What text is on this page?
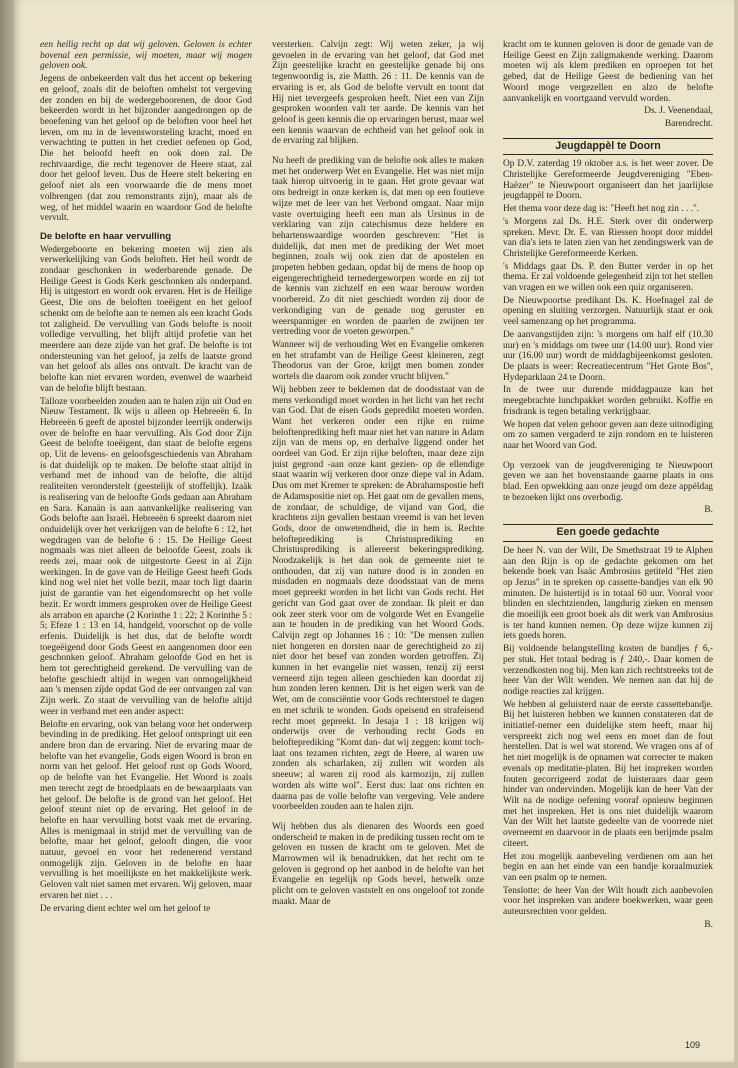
een heilig recht op dat wij geloven. Geloven is echter bovenal een permissie, wij moeten, maar wij mogen geloven ook.

Jegens de onbekeerden valt dus het accent op bekering en geloof, zoals dit de beloften omhelst tot vergeving der zonden en bij de wedergeboorenen, de door God bekeerden wordt in het bijzonder aangedrongen op de beoefening van het geloof op de beloften voor heel het leven, om nu in de levensworsteling kracht, moed en verwachting te putten in het crediet oefenen op God, Die het beloofd heeft en ook doen zal. De rechtvaardige, die recht tegenover de Heere staat, zal door het geloof leven. Dus de Heere stelt bekering en geloof niet als een voorwaarde die de mens moet volbrengen (dat zou remonstrants zijn), maar als de weg, of het middel waarin en waardoor God de belofte vervult.

De belofte en haar vervulling

Wedergeboorte en bekering moeten wij zien als verwerkelijking van Gods beloften. Het heil wordt de zondaar geschonken in wederbarende genade. De Heilige Geest is Gods Kerk geschonken als onderpand. Hij is uitgestort en wordt ook ervaren. Het is de Heilige Geest, Die ons de beloften toeëigent en het geloof schenkt om de belofte aan te nemen als een kracht Gods tot zaligheid. De vervulling van Gods belofte is nooit volledige vervulling, het blijft altijd profetie van het meerdere aan deze zijde van het graf. De belofte is tot ondersteuning van het geloof, ja zelfs de laatste grond van het geloof als alles ons ontvalt. De kracht van de belofte kan niet ervaren worden, evenwel de waarheid van de belofte blijft bestaan.

Talloze voorbeelden zouden aan te halen zijn uit Oud en Nieuw Testament. Ik wijs u alleen op Hebreeën 6. In Hebreeën 6 geeft de apostel bijzonder leerrijk onderwijs over de belofte en haar vervulling. Als God door Zijn Geest de belofte toeëigent, dan staat de belofte ergens op. Uit de levens- en geloofsgeschiedenis van Abraham is dat duidelijk op te maken. De belofte staat altijd in verband met de inhoud van de belofte, die altijd realiteiten veronderstelt (geestelijk of stoffelijk). Izaäk is realisering van de beloofte Gods gedaan aan Abraham en Sara. Kanaän is aan aanvankelijke realisering van Gods belofte aan Israël. Hebreeën 6 spreekt daarom niet onduidelijk over het verkrijgen van de belofte 6 : 12, het wegdragen van de belofte 6 : 15. De Heilige Geest nogmaals was niet alleen de beloofde Geest, zoals ik reeds zei, maar ook de uitgestorte Geest in al Zijn werkingen. In de gave van de Heilige Geest heeft Gods kind nog wel niet het volle bezit, maar toch ligt daarin juist de garantie van het eigendomsrecht op het volle bezit. Er wordt immers gesproken over de Heilige Geest als arrabon en aparche (2 Korinthe 1 : 22; 2 Korinthe 5 : 5; Efeze 1 : 13 en 14, handgeld, voorschot op de volle erfenis. Duidelijk is het dus, dat de belofte wordt toegeëigend door Gods Geest en aangenomen door een geschonken geloof. Abraham geloofde God en het is hem tot gerechtigheid gerekend. De vervulling van de belofte geschiedt altijd in wegen van onmogelijkheid aan 's mensen zijde opdat God de eer ontvangen zal van Zijn werk. Zo staat de vervulling van de belofte altijd weer in verband met een ander aspect:

Belofte en ervaring, ook van belang voor het onderwerp bevinding in de prediking. Het geloof ontspringt uit een andere bron dan de ervaring. Niet de ervaring maar de belofte van het evangelie, Gods eigen Woord is bron en norm van het geloof. Het geloof rust op Gods Woord, op de belofte van het Evangelie. Het Woord is zoals men terecht zegt de broedplaats en de bewaarplaats van het geloof. De belofte is de grond van het geloof. Het geloof steunt niet op de ervaring. Het geloof in de belofte en haar vervulling botst vaak met de ervaring. Alles is menigmaal in strijd met de vervulling van de belofte, maar het geloof, gelooft dingen, die voor natuur, gevoel en voor het redenerend verstand onmogelijk zijn. Geloven in de belofte en haar vervulling is het moeilijkste en het makkelijkste werk. Geloven valt niet samen met ervaren. Wij geloven, maar ervaren het niet . . .

De ervaring dient echter wel om het geloof te

versterken. Calvijn zegt: Wij weten zeker, ja wij gevoelen in de ervaring van het geloof, dat God met Zijn geestelijke kracht en geestelijke genade bij ons tegenwoordig is, zie Matth. 26 : 11. De kennis van de ervaring is er, als God de belofte vervult en toont dat Hij niet tevergeefs gesproken heeft. Niet een van Zijn gesproken woorden valt ter aarde. De kennis van het geloof is geen kennis die op ervaringen berust, maar wel een kennis waarvan de echtheid van het geloof ook in de ervaring zal blijken.

Nu heeft de prediking van de belofte ook alles te maken met het onderwerp Wet en Evangelie. Het was niet mijn taak hierop uitvoerig in te gaan. Het grote gevaar wat ons bedreigt in onze kerken is, dat men op een foutieve wijze met de leer van het Verbond omgaat. Naar mijn vaste overtuiging heeft een man als Ursinus in de verklaring van zijn catechismus deze heldere en behartenswaardige woorden geschreven: "Het is duidelijk, dat men met de prediking der Wet moet beginnen, zoals wij ook zien dat de apostelen en propeten hebben gedaan, opdat bij de mens de hoop op eigengerechtigheid ternedergeworpen worde en zij tot de kennis van zichzelf en een waar berouw worden voorbereid. Zo dit niet geschiedt worden zij door de verkondiging van de genade nog geruster en weerspanniger en worden de paarlen de zwijnen ter vertreding voor de voeten geworpen."

Wanneer wij de verhouding Wet en Evangelie omkeren en het strafambt van de Heilige Geest kleineren, zegt Theodorus van der Groe, krijgt men bomen zonder wortels die daarom ook zonder vrucht blijven."

Wij hebben zeer te beklemen dat de doodsstaat van de mens verkondigd moet worden in het licht van het recht van God. Dat de eisen Gods gepredikt moeten worden. Want het verkeren onder een rijke en ruime beloftenprediking heft maar niet het van nature in Adam zijn van de mens op, en derhalve liggend onder het oordeel van God. Er zijn rijke beloften, maar deze zijn juist gegrond -aan onze kant gezien- op de ellendige staat waarin wij verkeren door onze diepe val in Adam. Dus om met Kremer te spreken: de Abrahamspostie heft de Adamspositie niet op. Het gaat om de gevallen mens, de zondaar, de schuldige, de vijand van God, die krachtens zijn gevallen bestaan vreemd is van het leven Gods, door de onwetendheid, die in hem is. Rechte belofteprediking is Christusprediking en Christusprediking is allereerst bekeringsprediking. Noodzakelijk is het dan ook de gemeente niet te onthouden, dat zij van nature dood is in zonden en misdaden en nogmaals deze doodsstaat van de mens moet gepreekt worden in het licht van Gods recht. Het gericht van God gaat over de zondaar. Ik pleit er dan ook zeer sterk voor om de volgorde Wet en Evangelie aan te houden in de prediking van het Woord Gods. Calvijn zegt op Johannes 16 : 10: "De mensen zullen niet hongeren en dorsten naar de gerechtigheid zo zij niet door het besef van zonden worden getroffen. Zij kunnen in het evangelie niet wassen, tenzij zij eerst verneerd zijn tegen alleen geschieden kan doordat zij hun zonden leren kennen. Dit is het eigen werk van de Wet, om de consciëntie voor Gods rechterstoel te dagen en met schrik te wonden. Gods opeisend en strafeisend recht moet gepreekt. In Jesaja 1 : 18 krijgen wij onderwijs over de verhouding recht Gods en belofteprediking "Komt dan- dat wij zeggen: komt toch- laat ons tezamen richten, zegt de Heere, al waren uw zonden als scharlaken, zij zullen wit worden als sneeuw; al waren zij rood als karmozijn, zij zullen worden als witte wol". Eerst dus: laat ons richten en daarna pas de volle belofte van vergeving. Vele andere voorbeelden zouden aan te halen zijn.

Wij hebben dus als dienaren des Woords een goed onderscheid te maken in de prediking tussen recht om te geloven en tussen de kracht om te geloven. Met de Marrowmen wil ik benadrukken, dat het recht om te geloven is gegrond op het aanbod in de belofte van het Evangelie en tegelijk op Gods bevel, hetwelk onze plicht om te geloven vaststelt en ons ongeloof tot zonde maakt. Maar de

kracht om te kunnen geloven is door de genade van de Heilige Geest en Zijn zaligmakende werking. Daarom moeten wij als klem prediken en oproepen tot het gebed, dat de Heilige Geest de bediening van het Woord moge vergezellen en alzo de belofte aanvankelijk en voortgaand vervuld worden.

Ds. J. Veenendaal,

Barendrecht.

Jeugdappèl te Doorn

Op D.V. zaterdag 19 oktober a.s. is het weer zover. De Christelijke Gereformeerde Jeugdvereniging "Eben-Haëzer" te Nieuwpoort organiseert dan het jaarlijkse jeugdappèl te Doorn.

Het thema voor deze dag is: "Heeft het nog zin . . .".

's Morgens zal Ds. H.E. Sterk over dit onderwerp spreken. Mevr. Dr. E. van Riessen hoopt door middel van dia's iets te laten zien van het zendingswerk van de Christelijke Gereformeerde Kerken.

's Middags gaat Ds. P. den Butter verder in op het thema. Er zal voldoende gelegenheid zijn tot het stellen van vragen en we willen ook een quiz organiseren.

De Nieuwpoortse predikant Ds. K. Hoefnagel zal de opening en sluiting verzorgen. Natuurlijk staat er ook veel samenzang op het programma.

De aanvangstijden zijn: 's morgens om half elf (10.30 uur) en 's middags om twee uur (14.00 uur). Rond vier uur (16.00 uur) wordt de middagbijeenkomst gesloten. De plaats is weer: Recreatiecentrum "Het Grote Bos", Hydeparklaan 24 te Doorn.

In de twee uur durende middagpauze kan het meegebrachte lunchpakket worden gebruikt. Koffie en frisdrank is tegen betaling verkrijgbaar.

We hopen dat velen gehoor geven aan deze uitnodiging om zo samen vergaderd te zijn rondom en te luisteren naar het Woord van God.

Op verzoek van de jeugdvereniging te Nieuwpoort geven we aan het bovenstaande gaarne plaats in ons blad. Een opwekking aan onze jeugd om deze appèldag te bezoeken lijkt ons overbodig.

B.

Een goede gedachte

De heer N. van der Wilt, De Smethstraat 19 te Alphen aan den Rijn is op de gedachte gekomen om het bekende boek van Isaäc Ambrosius getiteld "Het zien op Jezus" in te spreken op cassette-bandjes van elk 90 minuten. De luistertijd is in totaal 60 uur. Vooral voor blinden en slechtzienden, langdurig zieken en mensen die moeilijk een groot boek als dit werk van Ambrosius is ter hand kunnen nemen. Op deze wijze kunnen zij iets goeds horen.

Bij voldoende belangstelling kosten de bandjes ƒ 6,- per stuk. Het totaal bedrag is ƒ 240,-. Daar komen de verzendkosten nog bij. Men kan zich rechtstreeks tot de heer Van der Wilt wenden. We nemen aan dat hij de nodige reacties zal krijgen.

We hebben al geluisterd naar de eerste cassettebandje. Bij het luisteren hebben we kunnen constateren dat de initiatief-nemer een duidelijke stem heeft, maar hij verspreekt zich nog wel eens en moet dan de fout herstellen. Dat is wel wat storend. We vragen ons af of het niet mogelijk is de opnamen wat correcter te maken evenals op meditatie-platen. Bij het inspreken worden fouten gecorrigeerd zodat de luisteraars daar geen hinder van ondervinden. Mogelijk kan de heer Van der Wilt na de nodige oefening vooraf opnieuw beginnen met het inspreken. Het is ons niet duidelijk waarom Van der Wilt het laatste gedeelte van de voorrede niet overneemt en daarvoor in de plaats een berijmde psalm citeert.

Het zou mogelijk aanbeveling verdienen om aan het begin en aan het einde van een bandje koraalmuziek van een psalm op te nemen.

Tenslotte: de heer Van der Wilt houdt zich aanbevolen voor het inspreken van andere boekwerken, waar geen auteursrechten voor gelden.

B.

109
